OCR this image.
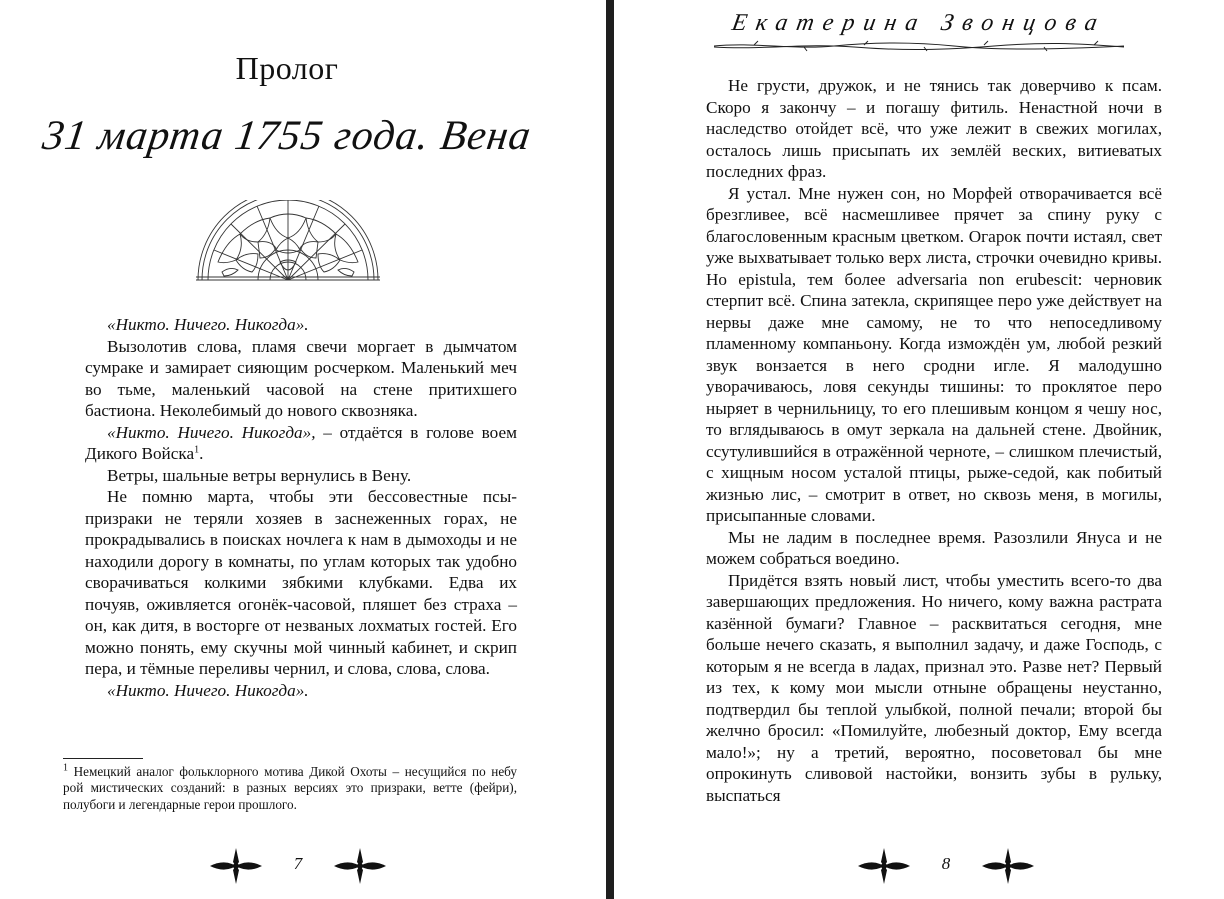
Пролог
31 марта 1755 года. Вена

«Никто. Ничего. Никогда».

Вызолотив слова, пламя свечи моргает в дымчатом сумраке и замирает сияющим росчерком. Маленький меч во тьме, маленький часовой на стене притихшего бастиона. Неколебимый до нового сквозняка.

«Никто. Ничего. Никогда», – отдаётся в голове воем Дикого Войска$^1$.

Ветры, шальные ветры вернулись в Вену.

Не помню марта, чтобы эти бессовестные псы-призраки не теряли хозяев в заснеженных горах, не прокрадывались в поисках ночлега к нам в дымоходы и не находили дорогу в комнаты, по углам которых так удобно сворачиваться колкими зябкими клубками. Едва их почуяв, оживляется огонёк-часовой, пляшет без страха – он, как дитя, в восторге от незваных лохматых гостей. Его можно понять, ему скучны мой чинный кабинет, и скрип пера, и тёмные переливы чернил, и слова, слова, слова.

«Никто. Ничего. Никогда».

$^1$ Немецкий аналог фольклорного мотива Дикой Охоты – несущийся по небу рой мистических созданий: в разных версиях это призраки, ветте (фейри), полубоги и легендарные герои прошлого.
7
Екатерина Звонцова

Не грусти, дружок, и не тянись так доверчиво к псам. Скоро я закончу – и погашу фитиль. Ненастной ночи в наследство отойдет всё, что уже лежит в свежих могилах, осталось лишь присыпать их землёй веских, витиеватых последних фраз.

Я устал. Мне нужен сон, но Морфей отворачивается всё брезгливее, всё насмешливее прячет за спину руку с благословенным красным цветком. Огарок почти истаял, свет уже выхватывает только верх листа, строчки очевидно кривы. Но epistula, тем более adversaria non erubescit: черновик стерпит всё. Спина затекла, скрипящее перо уже действует на нервы даже мне самому, не то что непоседливому пламенному компаньону. Когда измождён ум, любой резкий звук вонзается в него сродни игле. Я малодушно уворачиваюсь, ловя секунды тишины: то проклятое перо ныряет в чернильницу, то его плешивым концом я чешу нос, то вглядываюсь в омут зеркала на дальней стене. Двойник, ссутулившийся в отражённой черноте, – слишком плечистый, с хищным носом усталой птицы, рыже-седой, как побитый жизнью лис, – смотрит в ответ, но сквозь меня, в могилы, присыпанные словами.

Мы не ладим в последнее время. Разозлили Януса и не можем собраться воедино.

Придётся взять новый лист, чтобы уместить всего-то два завершающих предложения. Но ничего, кому важна растрата казённой бумаги? Главное – расквитаться сегодня, мне больше нечего сказать, я выполнил задачу, и даже Господь, с которым я не всегда в ладах, признал это. Разве нет? Первый из тех, к кому мои мысли отныне обращены неустанно, подтвердил бы теплой улыбкой, полной печали; второй бы желчно бросил: «Помилуйте, любезный доктор, Ему всегда мало!»; ну а третий, вероятно, посоветовал бы мне опрокинуть сливовой настойки, вонзить зубы в рульку, выспаться

8
